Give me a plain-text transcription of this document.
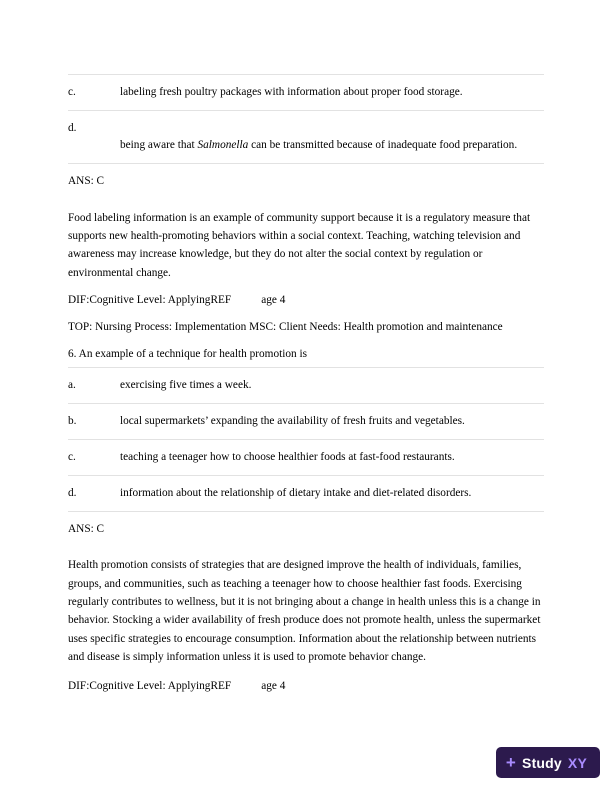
c.	labeling fresh poultry packages with information about proper food storage.
d.
being aware that Salmonella can be transmitted because of inadequate food preparation.
ANS: C

Food labeling information is an example of community support because it is a regulatory measure that supports new health-promoting behaviors within a social context. Teaching, watching television and awareness may increase knowledge, but they do not alter the social context by regulation or environmental change.

DIF:Cognitive Level: ApplyingREF	age 4
TOP: Nursing Process: Implementation MSC: Client Needs: Health promotion and maintenance
6. An example of a technique for health promotion is
a.	exercising five times a week.
b.	local supermarkets’ expanding the availability of fresh fruits and vegetables.
c.	teaching a teenager how to choose healthier foods at fast-food restaurants.
d.	information about the relationship of dietary intake and diet-related disorders.
ANS: C

Health promotion consists of strategies that are designed improve the health of individuals, families, groups, and communities, such as teaching a teenager how to choose healthier fast foods. Exercising regularly contributes to wellness, but it is not bringing about a change in health unless this is a change in behavior. Stocking a wider availability of fresh produce does not promote health, unless the supermarket uses specific strategies to encourage consumption. Information about the relationship between nutrients and disease is simply information unless it is used to promote behavior change.

DIF:Cognitive Level: ApplyingREF	age 4
+ Study XY
